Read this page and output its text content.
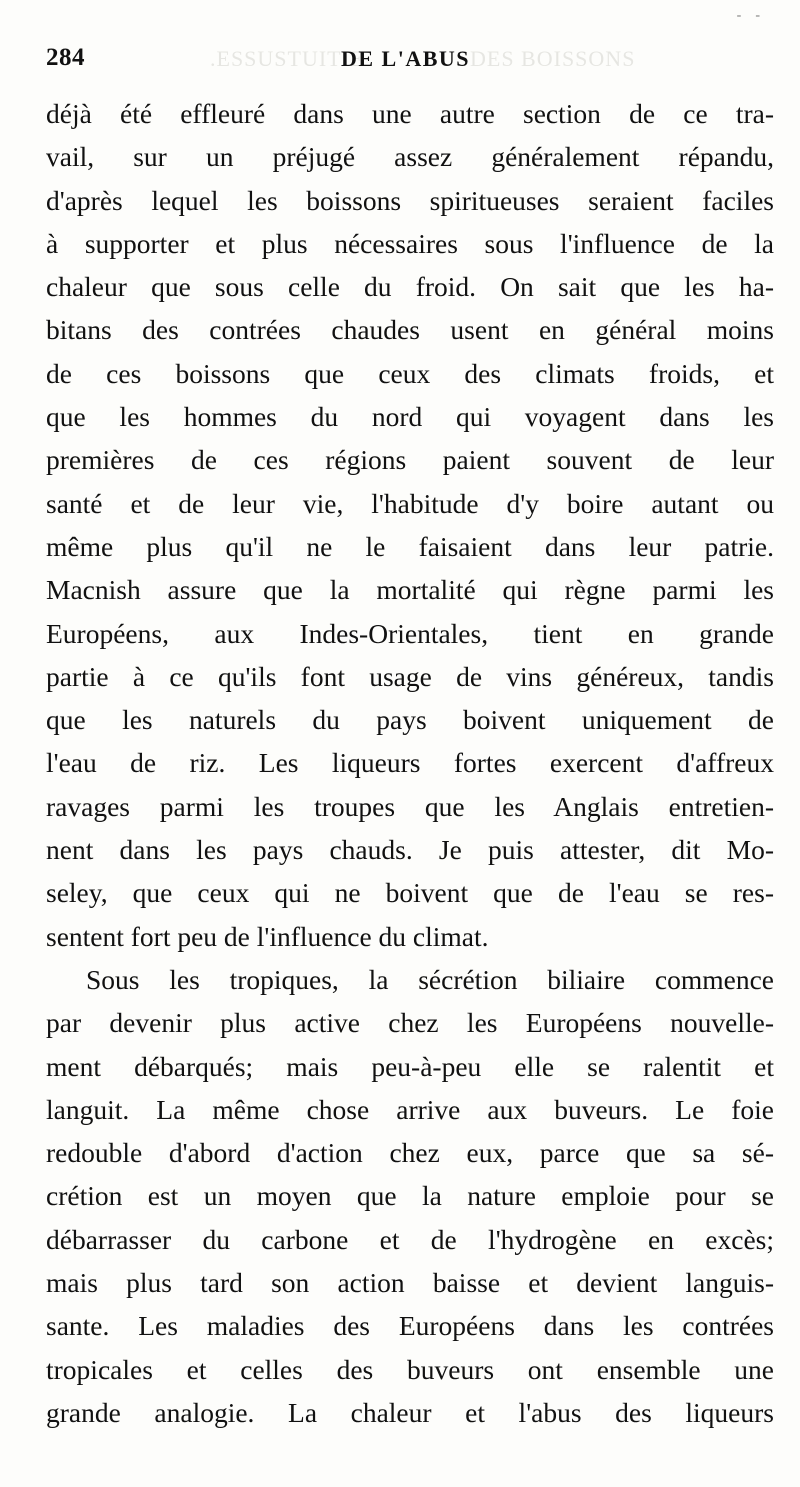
‐    ‐
.ESSUSTUITIE	DES BOISSONS
284	DE L'ABUS
déjà été effleuré dans une autre section de ce tra-
vail, sur un préjugé assez généralement répandu,
d'après lequel les boissons spiritueuses seraient faciles
à supporter et plus nécessaires sous l'influence de la
chaleur que sous celle du froid. On sait que les ha-
bitans des contrées chaudes usent en général moins
de ces boissons que ceux des climats froids, et
que les hommes du nord qui voyagent dans les
premières de ces régions paient souvent de leur
santé et de leur vie, l'habitude d'y boire autant ou
même plus qu'il ne le faisaient dans leur patrie.
Macnish assure que la mortalité qui règne parmi les
Européens, aux Indes-Orientales, tient en grande
partie à ce qu'ils font usage de vins généreux, tandis
que les naturels du pays boivent uniquement de
l'eau de riz. Les liqueurs fortes exercent d'affreux
ravages parmi les troupes que les Anglais entretien-
nent dans les pays chauds. Je puis attester, dit Mo-
seley, que ceux qui ne boivent que de l'eau se res-
sentent fort peu de l'influence du climat.
Sous les tropiques, la sécrétion biliaire commence
par devenir plus active chez les Européens nouvelle-
ment débarqués; mais peu-à-peu elle se ralentit et
languit. La même chose arrive aux buveurs. Le foie
redouble d'abord d'action chez eux, parce que sa sé-
crétion est un moyen que la nature emploie pour se
débarrasser du carbone et de l'hydrogène en excès;
mais plus tard son action baisse et devient languis-
sante. Les maladies des Européens dans les contrées
tropicales et celles des buveurs ont ensemble une
grande analogie. La chaleur et l'abus des liqueurs
